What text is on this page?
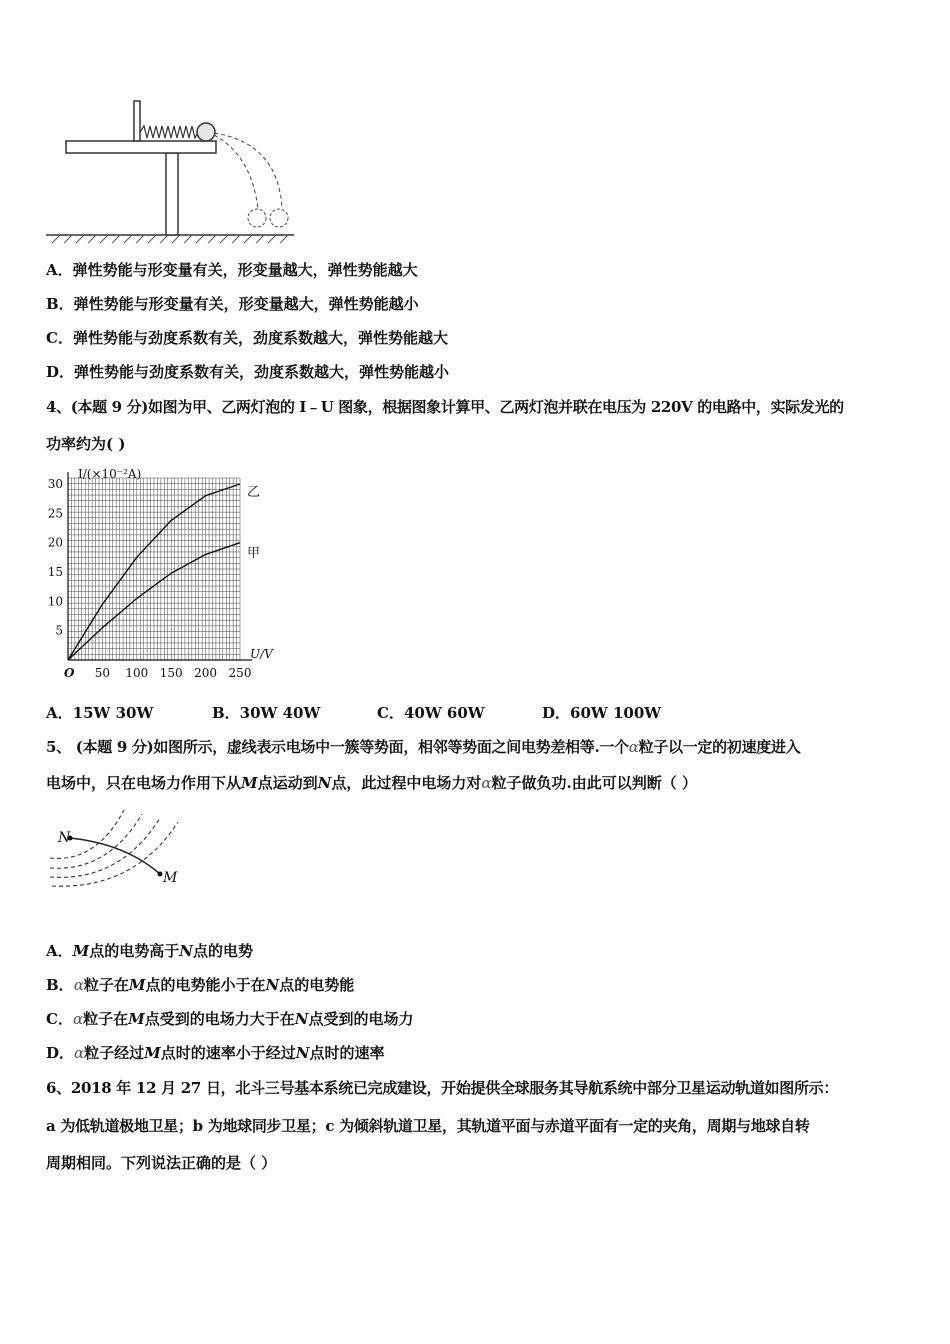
A．弹性势能与形变量有关，形变量越大，弹性势能越大
B．弹性势能与形变量有关，形变量越大，弹性势能越小
C．弹性势能与劲度系数有关，劲度系数越大，弹性势能越大
D．弹性势能与劲度系数有关，劲度系数越大，弹性势能越小
4、(本题 9 分)如图为甲、乙两灯泡的 I﹣U 图象，根据图象计算甲、乙两灯泡并联在电压为 220V 的电路中，实际发光的
功率约为( )
50 100 150 200 250
5
10
15
20
25
30
I/(×10⁻²A)
U/V
O
乙
甲
A．15W 30W	B．30W 40W	C．40W 60W	D．60W 100W
5、 (本题 9 分)如图所示，虚线表示电场中一簇等势面，相邻等势面之间电势差相等.一个α粒子以一定的初速度进入
电场中，只在电场力作用下从M点运动到N点，此过程中电场力对α粒子做负功.由此可以判断（ ）
N
M
A．M点的电势高于N点的电势
B．α粒子在M点的电势能小于在N点的电势能
C．α粒子在M点受到的电场力大于在N点受到的电场力
D．α粒子经过M点时的速率小于经过N点时的速率
6、2018 年 12 月 27 日，北斗三号基本系统已完成建设，开始提供全球服务其导航系统中部分卫星运动轨道如图所示：
a 为低轨道极地卫星；b 为地球同步卫星；c 为倾斜轨道卫星，其轨道平面与赤道平面有一定的夹角，周期与地球自转
周期相同。下列说法正确的是（ ）
